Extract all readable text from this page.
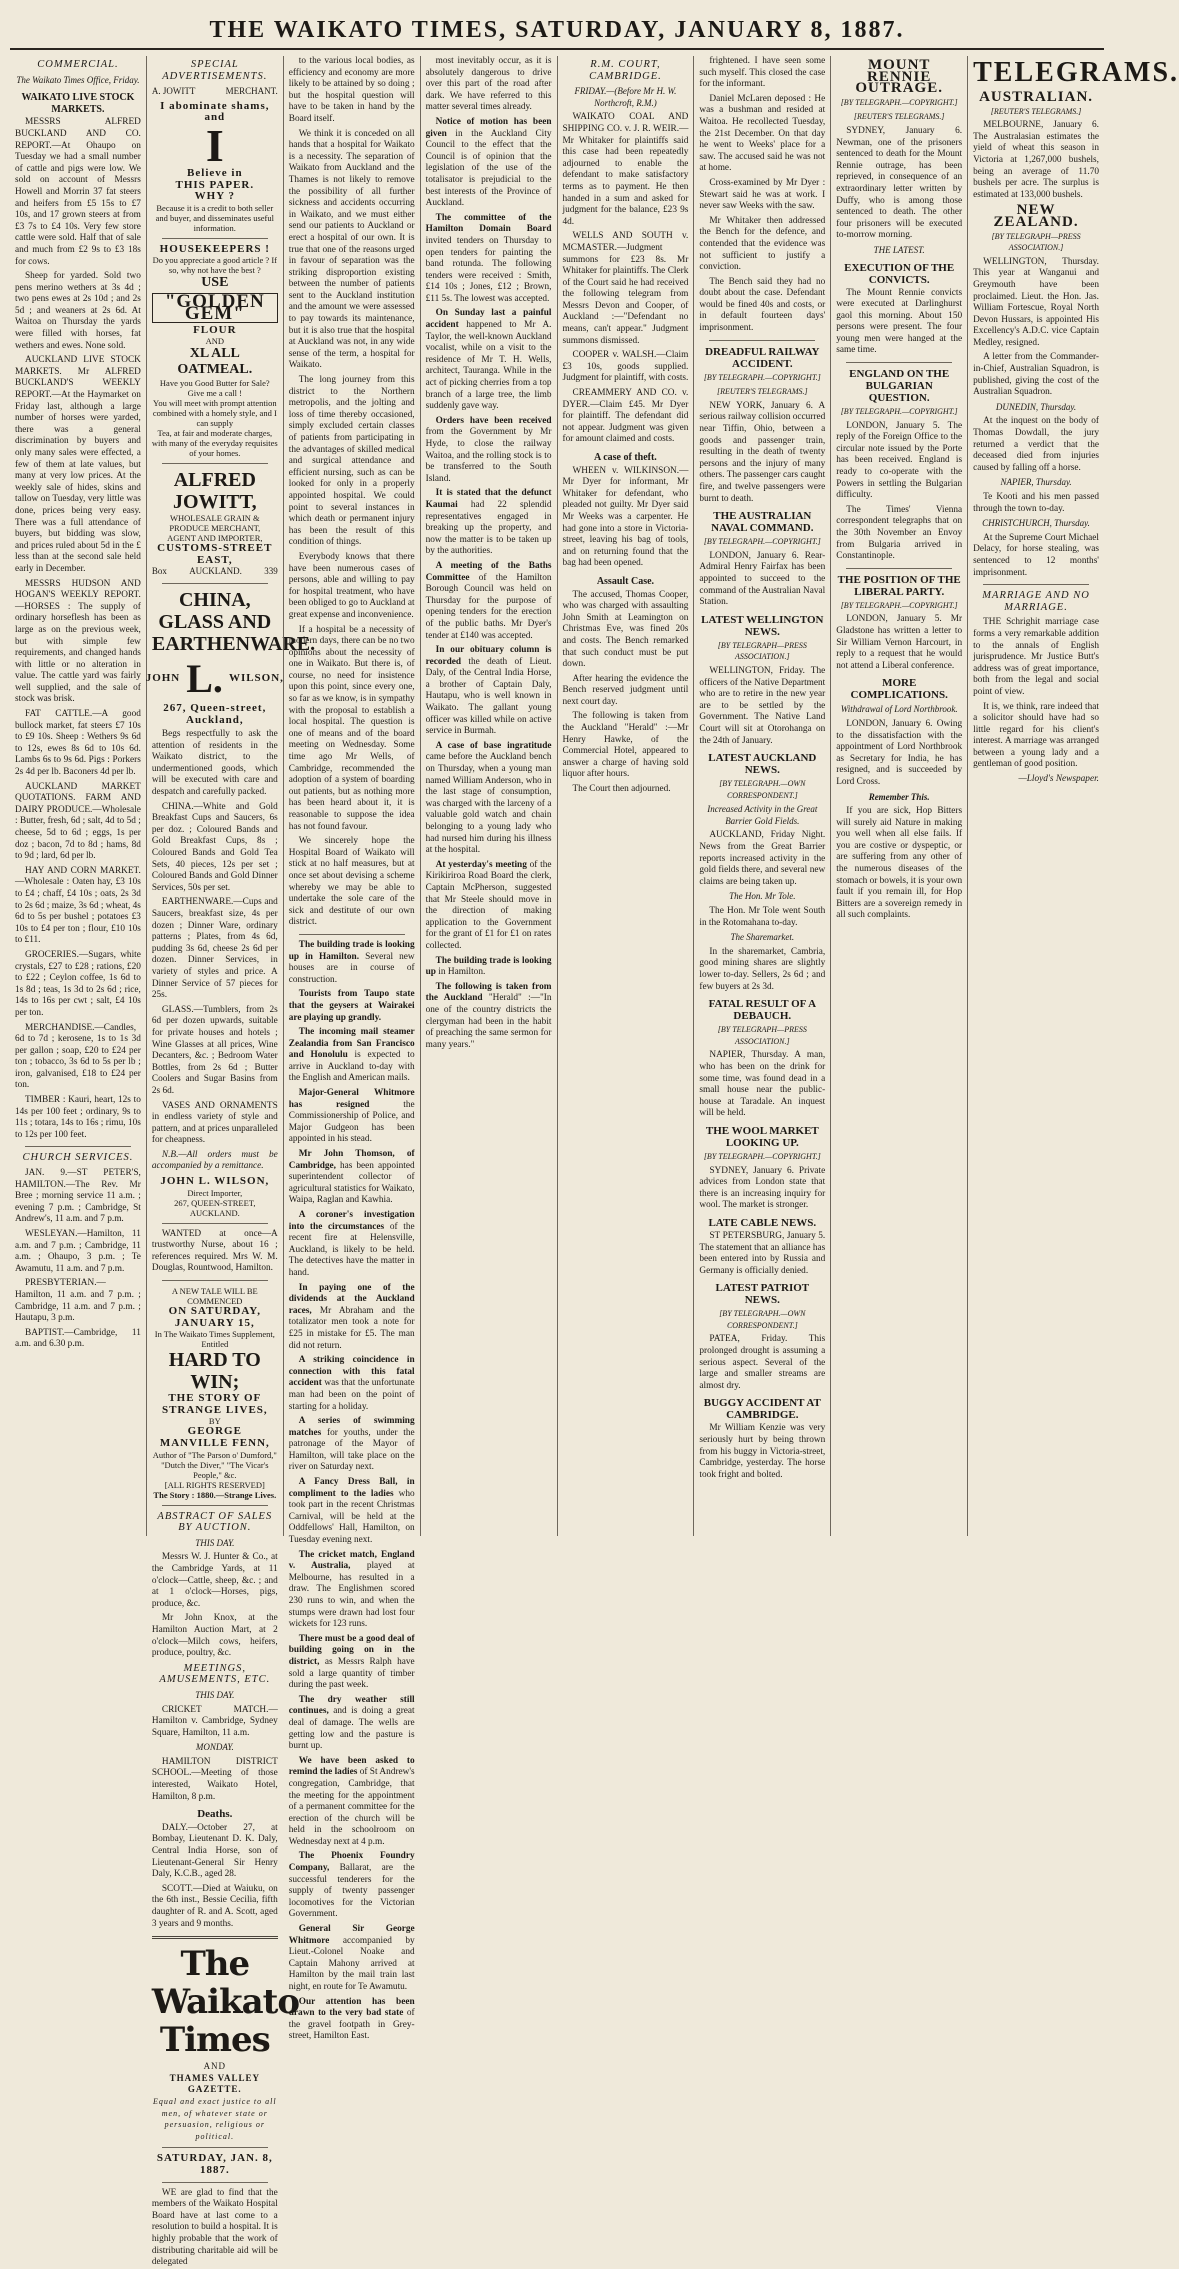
THE WAIKATO TIMES, SATURDAY, JANUARY 8, 1887.
COMMERCIAL.
The Waikato Times Office, Friday.
WAIKATO LIVE STOCK MARKETS.

MESSRS ALFRED BUCKLAND AND CO. REPORT.—At Ohaupo on Tuesday we had a small number of cattle and pigs were low. We sold on account of Messrs Howell and Morrin 37 fat steers and heifers from £5 15s to £7 10s, and 17 grown steers at from £3 7s to £4 10s. Very few store cattle were sold. Half that of sale and much from £2 9s to £3 18s for cows.

Sheep for yarded. Sold two pens merino wethers at 3s 4d ; two pens ewes at 2s 10d ; and 2s 5d ; and weaners at 2s 6d. At Waitoa on Thursday the yards were filled with horses, fat wethers and ewes. None sold.

AUCKLAND LIVE STOCK MARKETS. Mr ALFRED BUCKLAND'S WEEKLY REPORT.—At the Haymarket on Friday last, although a large number of horses were yarded, there was a general discrimination by buyers and only many sales were effected, a few of them at late values, but many at very low prices. At the weekly sale of hides, skins and tallow on Tuesday, very little was done, prices being very easy. There was a full attendance of buyers, but bidding was slow, and prices ruled about 5d in the £ less than at the second sale held early in December.

MESSRS HUDSON AND HOGAN'S WEEKLY REPORT.—HORSES : The supply of ordinary horseflesh has been as large as on the previous week, but with simple few requirements, and changed hands with little or no alteration in value. The cattle yard was fairly well supplied, and the sale of stock was brisk.

FAT CATTLE.—A good bullock market, fat steers £7 10s to £9 10s. Sheep : Wethers 9s 6d to 12s, ewes 8s 6d to 10s 6d. Lambs 6s to 9s 6d. Pigs : Porkers 2s 4d per lb. Baconers 4d per lb.

AUCKLAND MARKET QUOTATIONS. FARM AND DAIRY PRODUCE.—Wholesale : Butter, fresh, 6d ; salt, 4d to 5d ; cheese, 5d to 6d ; eggs, 1s per doz ; bacon, 7d to 8d ; hams, 8d to 9d ; lard, 6d per lb.

HAY AND CORN MARKET.—Wholesale : Oaten hay, £3 10s to £4 ; chaff, £4 10s ; oats, 2s 3d to 2s 6d ; maize, 3s 6d ; wheat, 4s 6d to 5s per bushel ; potatoes £3 10s to £4 per ton ; flour, £10 10s to £11.

GROCERIES.—Sugars, white crystals, £27 to £28 ; rations, £20 to £22 ; Ceylon coffee, 1s 6d to 1s 8d ; teas, 1s 3d to 2s 6d ; rice, 14s to 16s per cwt ; salt, £4 10s per ton.

MERCHANDISE.—Candles, 6d to 7d ; kerosene, 1s to 1s 3d per gallon ; soap, £20 to £24 per ton ; tobacco, 3s 6d to 5s per lb ; iron, galvanised, £18 to £24 per ton.

TIMBER : Kauri, heart, 12s to 14s per 100 feet ; ordinary, 9s to 11s ; totara, 14s to 16s ; rimu, 10s to 12s per 100 feet.

CHURCH SERVICES.

JAN. 9.—ST PETER'S, HAMILTON.—The Rev. Mr Bree ; morning service 11 a.m. ; evening 7 p.m. ; Cambridge, St Andrew's, 11 a.m. and 7 p.m.

WESLEYAN.—Hamilton, 11 a.m. and 7 p.m. ; Cambridge, 11 a.m. ; Ohaupo, 3 p.m. ; Te Awamutu, 11 a.m. and 7 p.m.

PRESBYTERIAN.—Hamilton, 11 a.m. and 7 p.m. ; Cambridge, 11 a.m. and 7 p.m. ; Hautapu, 3 p.m.

BAPTIST.—Cambridge, 11 a.m. and 6.30 p.m.

SPECIAL ADVERTISEMENTS.
A. JOWITT	MERCHANT.
I abominate shams, and
I
Believe in
THIS PAPER.
WHY ?
Because it is a credit to both seller and buyer, and disseminates useful information.
HOUSEKEEPERS !
Do you appreciate a good article ? If so, why not have the best ?
USE
"GOLDEN GEM"
FLOUR
AND
XL ALL OATMEAL.
Have you Good Butter for Sale? Give me a call !
You will meet with prompt attention combined with a homely style, and I can supply
Tea, at fair and moderate charges, with many of the everyday requisites of your homes.
ALFRED JOWITT,
WHOLESALE GRAIN & PRODUCE MERCHANT,
AGENT AND IMPORTER,
CUSTOMS-STREET EAST,
Box AUCKLAND. 339
CHINA, GLASS AND
EARTHENWARE.
JOHN L. WILSON,
267, Queen-street, Auckland,

Begs respectfully to ask the attention of residents in the Waikato district, to the undermentioned goods, which will be executed with care and despatch and carefully packed.

CHINA.—White and Gold Breakfast Cups and Saucers, 6s per doz. ; Coloured Bands and Gold Breakfast Cups, 8s ; Coloured Bands and Gold Tea Sets, 40 pieces, 12s per set ; Coloured Bands and Gold Dinner Services, 50s per set.

EARTHENWARE.—Cups and Saucers, breakfast size, 4s per dozen ; Dinner Ware, ordinary patterns ; Plates, from 4s 6d, pudding 3s 6d, cheese 2s 6d per dozen. Dinner Services, in variety of styles and price. A Dinner Service of 57 pieces for 25s.

GLASS.—Tumblers, from 2s 6d per dozen upwards, suitable for private houses and hotels ; Wine Glasses at all prices, Wine Decanters, &c. ; Bedroom Water Bottles, from 2s 6d ; Butter Coolers and Sugar Basins from 2s 6d.

VASES AND ORNAMENTS in endless variety of style and pattern, and at prices unparalleled for cheapness.

N.B.—All orders must be accompanied by a remittance.

JOHN L. WILSON,
Direct Importer,
267, QUEEN-STREET, AUCKLAND.

WANTED at once—A trustworthy Nurse, about 16 ; references required. Mrs W. M. Douglas, Rountwood, Hamilton.

A NEW TALE WILL BE COMMENCED
ON SATURDAY, JANUARY 15,
In The Waikato Times Supplement, Entitled
HARD TO WIN;
THE STORY OF STRANGE LIVES,
BY
GEORGE MANVILLE FENN,
Author of "The Parson o' Dumford," "Dutch the Diver," "The Vicar's People," &c.
[ALL RIGHTS RESERVED]
The Story : 1880.—Strange Lives.
ABSTRACT OF SALES BY AUCTION.
THIS DAY.

Messrs W. J. Hunter & Co., at the Cambridge Yards, at 11 o'clock—Cattle, sheep, &c. ; and at 1 o'clock—Horses, pigs, produce, &c.

Mr John Knox, at the Hamilton Auction Mart, at 2 o'clock—Milch cows, heifers, produce, poultry, &c.

MEETINGS, AMUSEMENTS, ETC.
THIS DAY.

CRICKET MATCH.—Hamilton v. Cambridge, Sydney Square, Hamilton, 11 a.m.

MONDAY.

HAMILTON DISTRICT SCHOOL.—Meeting of those interested, Waikato Hotel, Hamilton, 8 p.m.

Deaths.

DALY.—October 27, at Bombay, Lieutenant D. K. Daly, Central India Horse, son of Lieutenant-General Sir Henry Daly, K.C.B., aged 28.

SCOTT.—Died at Waiuku, on the 6th inst., Bessie Cecilia, fifth daughter of R. and A. Scott, aged 3 years and 9 months.

The Waikato Times
AND
THAMES VALLEY GAZETTE.
Equal and exact justice to all men, of whatever state or persuasion, religious or political.
SATURDAY, JAN. 8, 1887.

WE are glad to find that the members of the Waikato Hospital Board have at last come to a resolution to build a hospital. It is highly probable that the work of distributing charitable aid will be delegated

to the various local bodies, as efficiency and economy are more likely to be attained by so doing ; but the hospital question will have to be taken in hand by the Board itself.

We think it is conceded on all hands that a hospital for Waikato is a necessity. The separation of Waikato from Auckland and the Thames is not likely to remove the possibility of all further sickness and accidents occurring in Waikato, and we must either send our patients to Auckland or erect a hospital of our own. It is true that one of the reasons urged in favour of separation was the striking disproportion existing between the number of patients sent to the Auckland institution and the amount we were assessed to pay towards its maintenance, but it is also true that the hospital at Auckland was not, in any wide sense of the term, a hospital for Waikato.

The long journey from this district to the Northern metropolis, and the jolting and loss of time thereby occasioned, simply excluded certain classes of patients from participating in the advantages of skilled medical and surgical attendance and efficient nursing, such as can be looked for only in a properly appointed hospital. We could point to several instances in which death or permanent injury has been the result of this condition of things.

Everybody knows that there have been numerous cases of persons, able and willing to pay for hospital treatment, who have been obliged to go to Auckland at great expense and inconvenience.

If a hospital be a necessity of modern days, there can be no two opinions about the necessity of one in Waikato. But there is, of course, no need for insistence upon this point, since every one, so far as we know, is in sympathy with the proposal to establish a local hospital. The question is one of means and of the board meeting on Wednesday. Some time ago Mr Wells, of Cambridge, recommended the adoption of a system of boarding out patients, but as nothing more has been heard about it, it is reasonable to suppose the idea has not found favour.

We sincerely hope the Hospital Board of Waikato will stick at no half measures, but at once set about devising a scheme whereby we may be able to undertake the sole care of the sick and destitute of our own district.

The building trade is looking up in Hamilton. Several new houses are in course of construction.

Tourists from Taupo state that the geysers at Wairakei are playing up grandly.

The incoming mail steamer Zealandia from San Francisco and Honolulu is expected to arrive in Auckland to-day with the English and American mails.

Major-General Whitmore has resigned	the Commissionership of Police, and Major Gudgeon has been appointed in his stead.

Mr John Thomson, of Cambridge, has been appointed superintendent collector of agricultural statistics for Waikato, Waipa, Raglan and Kawhia.

A coroner's investigation into the circumstances of the recent fire at Helensville, Auckland, is likely to be held. The detectives have the matter in hand.

In paying one of the dividends at the Auckland races, Mr Abraham and the totalizator men took a note for £25 in mistake for £5. The man did not return.

A striking coincidence in connection with this fatal accident was that the unfortunate man had been on the point of starting for a holiday.

A series of swimming matches for youths, under the patronage of the Mayor of Hamilton, will take place on the river on Saturday next.

A Fancy Dress Ball, in compliment to the ladies who took part in the recent Christmas Carnival, will be held at the Oddfellows' Hall, Hamilton, on Tuesday evening next.

The cricket match, England v. Australia, played at Melbourne, has resulted in a draw. The Englishmen scored 230 runs to win, and when the stumps were drawn had lost four wickets for 123 runs.

There must be a good deal of building going on in the district, as Messrs Ralph have sold a large quantity of timber during the past week.

The dry weather still continues, and is doing a great deal of damage. The wells are getting low and the pasture is burnt up.

We have been asked to remind the ladies of St Andrew's congregation, Cambridge, that the meeting for the appointment of a permanent committee for the erection of the church will be held in the schoolroom on Wednesday next at 4 p.m.

The Phoenix Foundry Company, Ballarat, are the successful tenderers for the supply of twenty passenger locomotives for the Victorian Government.

General Sir George Whitmore accompanied by Lieut.-Colonel Noake and Captain Mahony arrived at Hamilton by the mail train last night, en route for Te Awamutu.

Our attention has been drawn to the very bad state of the gravel footpath in Grey-street, Hamilton East.

most inevitably occur, as it is absolutely dangerous to drive over this part of the road after dark. We have referred to this matter several times already.

Notice of motion has been given in the Auckland City Council to the effect that the Council is of opinion that the legislation of the use of the totalisator is prejudicial to the best interests of the Province of Auckland.

The committee of the Hamilton Domain Board invited tenders on Thursday to open tenders for painting the band rotunda. The following tenders were received : Smith, £14 10s ; Jones, £12 ; Brown, £11 5s. The lowest was accepted.

On Sunday last a painful accident happened to Mr A. Taylor, the well-known Auckland vocalist, while on a visit to the residence of Mr T. H. Wells, architect, Tauranga. While in the act of picking cherries from a top branch of a large tree, the limb suddenly gave way.

Orders have been received from the Government by Mr Hyde, to close the railway Waitoa, and the rolling stock is to be transferred to the South Island.

It is stated that the defunct Kaumai had 22 splendid representatives engaged in breaking up the property, and now the matter is to be taken up by the authorities.

A meeting of the Baths Committee of the Hamilton Borough Council was held on Thursday for the purpose of opening tenders for the erection of the public baths. Mr Dyer's tender at £140 was accepted.

In our obituary column is recorded the death of Lieut. Daly, of the Central India Horse, a brother of Captain Daly, Hautapu, who is well known in Waikato. The gallant young officer was killed while on active service in Burmah.

A case of base ingratitude came before the Auckland bench on Thursday, when a young man named William Anderson, who in the last stage of consumption, was charged with the larceny of a valuable gold watch and chain belonging to a young lady who had nursed him during his illness at the hospital.

At yesterday's meeting of the Kirikiriroa Road Board the clerk, Captain McPherson, suggested that Mr Steele should move in the direction of making application to the Government for the grant of £1 for £1 on rates collected.

The building trade is looking up in Hamilton.

The following is taken from the Auckland "Herald" :—"In one of the country districts the clergyman had been in the habit of preaching the same sermon for many years."

R.M. COURT, CAMBRIDGE.
FRIDAY.—(Before Mr H. W. Northcroft, R.M.)

WAIKATO COAL AND SHIPPING CO. v. J. R. WEIR.—Mr Whitaker for plaintiffs said this case had been repeatedly adjourned to enable the defendant to make satisfactory terms as to payment. He then handed in a sum and asked for judgment for the balance, £23 9s 4d.

WELLS AND SOUTH v. MCMASTER.—Judgment summons for £23 8s. Mr Whitaker for plaintiffs. The Clerk of the Court said he had received the following telegram from Messrs Devon and Cooper, of Auckland :—"Defendant no means, can't appear." Judgment summons dismissed.

COOPER v. WALSH.—Claim £3 10s, goods supplied. Judgment for plaintiff, with costs.

CREAMMERY AND CO. v. DYER.—Claim £45. Mr Dyer for plaintiff. The defendant did not appear. Judgment was given for amount claimed and costs.

A case of theft.

WHEEN v. WILKINSON.—Mr Dyer for informant, Mr Whitaker for defendant, who pleaded not guilty. Mr Dyer said Mr Weeks was a carpenter. He had gone into a store in Victoria-street, leaving his bag of tools, and on returning found that the bag had been opened.

Assault Case.

The accused, Thomas Cooper, who was charged with assaulting John Smith at Leamington on Christmas Eve, was fined 20s and costs. The Bench remarked that such conduct must be put down.

After hearing the evidence the Bench reserved judgment until next court day.

The following is taken from the Auckland "Herald" :—Mr Henry Hawke, of the Commercial Hotel, appeared to answer a charge of having sold liquor after hours.

The Court then adjourned.

frightened. I have seen some such myself. This closed the case for the informant.

Daniel McLaren deposed : He was a bushman and resided at Waitoa. He recollected Tuesday, the 21st December. On that day he went to Weeks' place for a saw. The accused said he was not at home.

Cross-examined by Mr Dyer : Stewart said he was at work. I never saw Weeks with the saw.

Mr Whitaker then addressed the Bench for the defence, and contended that the evidence was not sufficient to justify a conviction.

The Bench said they had no doubt about the case. Defendant would be fined 40s and costs, or in default fourteen days' imprisonment.

DREADFUL RAILWAY ACCIDENT.
[BY TELEGRAPH.—COPYRIGHT.]
[REUTER'S TELEGRAMS.]

NEW YORK, January 6. A serious railway collision occurred near Tiffin, Ohio, between a goods and passenger train, resulting in the death of twenty persons and the injury of many others. The passenger cars caught fire, and twelve passengers were burnt to death.

THE AUSTRALIAN NAVAL COMMAND.
[BY TELEGRAPH.—COPYRIGHT.]

LONDON, January 6. Rear-Admiral Henry Fairfax has been appointed to succeed to the command of the Australian Naval Station.

LATEST WELLINGTON NEWS.
[BY TELEGRAPH—PRESS ASSOCIATION.]

WELLINGTON, Friday. The officers of the Native Department who are to retire in the new year are to be settled by the Government. The Native Land Court will sit at Otorohanga on the 24th of January.

LATEST AUCKLAND NEWS.
[BY TELEGRAPH.—OWN CORRESPONDENT.]
Increased Activity in the Great Barrier Gold Fields.

AUCKLAND, Friday Night. News from the Great Barrier reports increased activity in the gold fields there, and several new claims are being taken up.

The Hon. Mr Tole.

The Hon. Mr Tole went South in the Rotomahana to-day.

The Sharemarket.

In the sharemarket, Cambria, good mining shares are slightly lower to-day. Sellers, 2s 6d ; and few buyers at 2s 3d.

FATAL RESULT OF A DEBAUCH.
[BY TELEGRAPH—PRESS ASSOCIATION.]

NAPIER, Thursday. A man, who has been on the drink for some time, was found dead in a small house near the public-house at Taradale. An inquest will be held.

THE WOOL MARKET LOOKING UP.
[BY TELEGRAPH.—COPYRIGHT.]

SYDNEY, January 6. Private advices from London state that there is an increasing inquiry for wool. The market is stronger.

LATE CABLE NEWS.

ST PETERSBURG, January 5. The statement that an alliance has been entered into by Russia and Germany is officially denied.

LATEST PATRIOT NEWS.
[BY TELEGRAPH.—OWN CORRESPONDENT.]

PATEA, Friday. This prolonged drought is assuming a serious aspect. Several of the large and smaller streams are almost dry.

BUGGY ACCIDENT AT CAMBRIDGE.

Mr William Kenzie was very seriously hurt by being thrown from his buggy in Victoria-street, Cambridge, yesterday. The horse took fright and bolted.

MOUNT RENNIE OUTRAGE.
[BY TELEGRAPH.—COPYRIGHT.]
[REUTER'S TELEGRAMS.]

SYDNEY, January 6. Newman, one of the prisoners sentenced to death for the Mount Rennie outrage, has been reprieved, in consequence of an extraordinary letter written by Duffy, who is among those sentenced to death. The other four prisoners will be executed to-morrow morning.

THE LATEST.
EXECUTION OF THE CONVICTS.

The Mount Rennie convicts were executed at Darlinghurst gaol this morning. About 150 persons were present. The four young men were hanged at the same time.

ENGLAND ON THE BULGARIAN QUESTION.
[BY TELEGRAPH.—COPYRIGHT.]

LONDON, January 5. The reply of the Foreign Office to the circular note issued by the Porte has been received. England is ready to co-operate with the Powers in settling the Bulgarian difficulty.

The Times' Vienna correspondent telegraphs that on the 30th November an Envoy from Bulgaria arrived in Constantinople.

THE POSITION OF THE LIBERAL PARTY.
[BY TELEGRAPH.—COPYRIGHT.]

LONDON, January 5. Mr Gladstone has written a letter to Sir William Vernon Harcourt, in reply to a request that he would not attend a Liberal conference.

MORE COMPLICATIONS.
Withdrawal of Lord Northbrook.

LONDON, January 6. Owing to the dissatisfaction with the appointment of Lord Northbrook as Secretary for India, he has resigned, and is succeeded by Lord Cross.

Remember This.

If you are sick, Hop Bitters will surely aid Nature in making you well when all else fails. If you are costive or dyspeptic, or are suffering from any other of the numerous diseases of the stomach or bowels, it is your own fault if you remain ill, for Hop Bitters are a sovereign remedy in all such complaints.

TELEGRAMS.
AUSTRALIAN.
[REUTER'S TELEGRAMS.]

MELBOURNE, January 6. The Australasian estimates the yield of wheat this season in Victoria at 1,267,000 bushels, being an average of 11.70 bushels per acre. The surplus is estimated at 133,000 bushels.

NEW ZEALAND.
[BY TELEGRAPH—PRESS ASSOCIATION.]

WELLINGTON, Thursday. This year at Wanganui and Greymouth have been proclaimed. Lieut. the Hon. Jas. William Fortescue, Royal North Devon Hussars, is appointed His Excellency's A.D.C. vice Captain Medley, resigned.

A letter from the Commander-in-Chief, Australian Squadron, is published, giving the cost of the Australian Squadron.

DUNEDIN, Thursday.

At the inquest on the body of Thomas Dowdall, the jury returned a verdict that the deceased died from injuries caused by falling off a horse.

NAPIER, Thursday.

Te Kooti and his men passed through the town to-day.

CHRISTCHURCH, Thursday.

At the Supreme Court Michael Delacy, for horse stealing, was sentenced to 12 months' imprisonment.

MARRIAGE AND NO MARRIAGE.

THE Schrighit marriage case forms a very remarkable addition to the annals of English jurisprudence. Mr Justice Butt's address was of great importance, both from the legal and social point of view.

It is, we think, rare indeed that a solicitor should have had so little regard for his client's interest. A marriage was arranged between a young lady and a gentleman of good position.

—Lloyd's Newspaper.
